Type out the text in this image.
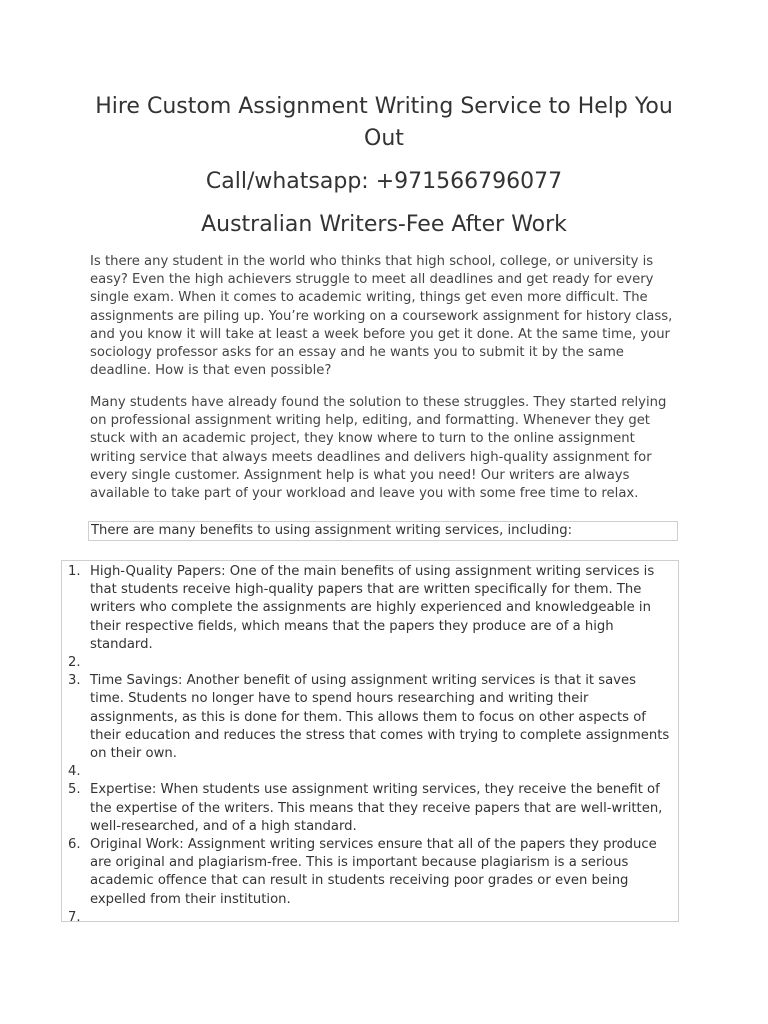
Hire Custom Assignment Writing Service to Help You Out
Call/whatsapp: +971566796077
Australian Writers-Fee After Work

Is there any student in the world who thinks that high school, college, or university is easy? Even the high achievers struggle to meet all deadlines and get ready for every single exam. When it comes to academic writing, things get even more difficult. The assignments are piling up. You’re working on a coursework assignment for history class, and you know it will take at least a week before you get it done. At the same time, your sociology professor asks for an essay and he wants you to submit it by the same deadline. How is that even possible?

Many students have already found the solution to these struggles. They started relying on professional assignment writing help, editing, and formatting. Whenever they get stuck with an academic project, they know where to turn to the online assignment writing service that always meets deadlines and delivers high-quality assignment for every single customer. Assignment help is what you need! Our writers are always available to take part of your workload and leave you with some free time to relax.

There are many benefits to using assignment writing services, including:
1. High-Quality Papers: One of the main benefits of using assignment writing services is that students receive high-quality papers that are written specifically for them. The writers who complete the assignments are highly experienced and knowledgeable in their respective fields, which means that the papers they produce are of a high standard.
2.
3. Time Savings: Another benefit of using assignment writing services is that it saves time. Students no longer have to spend hours researching and writing their assignments, as this is done for them. This allows them to focus on other aspects of their education and reduces the stress that comes with trying to complete assignments on their own.
4.
5. Expertise: When students use assignment writing services, they receive the benefit of the expertise of the writers. This means that they receive papers that are well-written, well-researched, and of a high standard.
6. Original Work: Assignment writing services ensure that all of the papers they produce are original and plagiarism-free. This is important because plagiarism is a serious academic offence that can result in students receiving poor grades or even being expelled from their institution.
7.
